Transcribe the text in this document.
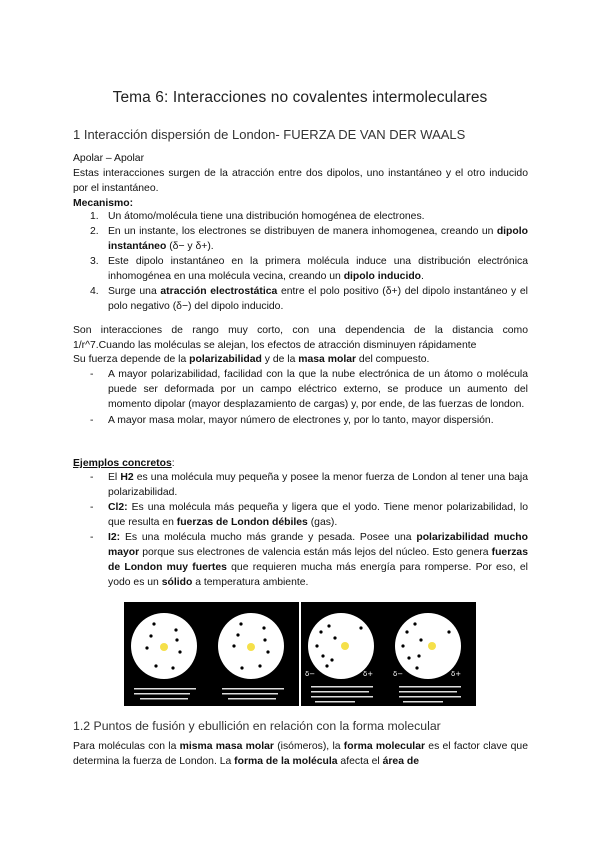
Tema 6: Interacciones no covalentes intermoleculares
1 Interacción dispersión de London- FUERZA DE VAN DER WAALS
Apolar – Apolar
Estas interacciones surgen de la atracción entre dos dipolos, uno instantáneo y el otro inducido por el instantáneo.
Mecanismo:
1. Un átomo/molécula tiene una distribución homogénea de electrones.
2. En un instante, los electrones se distribuyen de manera inhomogenea, creando un dipolo instantáneo (δ− y δ+).
3. Este dipolo instantáneo en la primera molécula induce una distribución electrónica inhomogénea en una molécula vecina, creando un dipolo inducido.
4. Surge una atracción electrostática entre el polo positivo (δ+) del dipolo instantáneo y el polo negativo (δ−) del dipolo inducido.
Son interacciones de rango muy corto, con una dependencia de la distancia como
1/r^7.Cuando las moléculas se alejan, los efectos de atracción disminuyen rápidamente
Su fuerza depende de la polarizabilidad y de la masa molar del compuesto.
- A mayor polarizabilidad, facilidad con la que la nube electrónica de un átomo o molécula puede ser deformada por un campo eléctrico externo, se produce un aumento del momento dipolar (mayor desplazamiento de cargas) y, por ende, de las fuerzas de london.
- A mayor masa molar, mayor número de electrones y, por lo tanto, mayor dispersión.
Ejemplos concretos:
- El H2 es una molécula muy pequeña y posee la menor fuerza de London al tener una baja polarizabilidad.
- Cl2: Es una molécula más pequeña y ligera que el yodo. Tiene menor polarizabilidad, lo que resulta en fuerzas de London débiles (gas).
- I2: Es una molécula mucho más grande y pesada. Posee una polarizabilidad mucho mayor porque sus electrones de valencia están más lejos del núcleo. Esto genera fuerzas de London muy fuertes que requieren mucha más energía para romperse. Por eso, el yodo es un sólido a temperatura ambiente.
δ−	δ+	δ−	δ+
1.2 Puntos de fusión y ebullición en relación con la forma molecular
Para moléculas con la misma masa molar (isómeros), la forma molecular es el factor clave que determina la fuerza de London. La forma de la molécula afecta el área de
